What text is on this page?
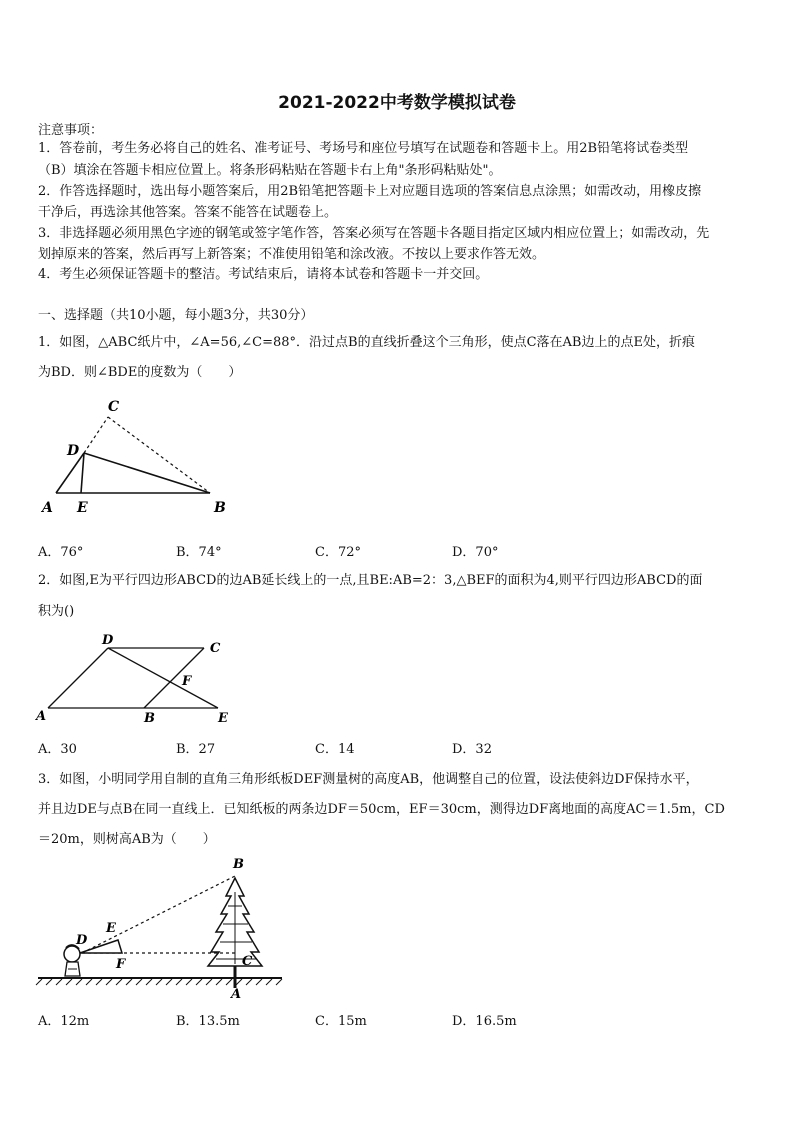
2021-2022中考数学模拟试卷
注意事项：
1．答卷前，考生务必将自己的姓名、准考证号、考场号和座位号填写在试题卷和答题卡上。用2B铅笔将试卷类型
（B）填涂在答题卡相应位置上。将条形码粘贴在答题卡右上角"条形码粘贴处"。
2．作答选择题时，选出每小题答案后，用2B铅笔把答题卡上对应题目选项的答案信息点涂黑；如需改动，用橡皮擦
干净后，再选涂其他答案。答案不能答在试题卷上。
3．非选择题必须用黑色字迹的钢笔或签字笔作答，答案必须写在答题卡各题目指定区域内相应位置上；如需改动，先
划掉原来的答案，然后再写上新答案；不准使用铅笔和涂改液。不按以上要求作答无效。
4．考生必须保证答题卡的整洁。考试结束后，请将本试卷和答题卡一并交回。
一、选择题（共10小题，每小题3分，共30分）
1．如图，△ABC纸片中，∠A=56,∠C=88°．沿过点B的直线折叠这个三角形，使点C落在AB边上的点E处，折痕
为BD．则∠BDE的度数为（　　）
C
D
A E	B
A．76°	B．74°	C．72°	D．70°
2．如图,E为平行四边形ABCD的边AB延长线上的一点,且BE:AB=2：3,△BEF的面积为4,则平行四边形ABCD的面
积为()
D
C
F
A	B	E
A．30	B．27	C．14	D．32
3．如图，小明同学用自制的直角三角形纸板DEF测量树的高度AB，他调整自己的位置，设法使斜边DF保持水平，
并且边DE与点B在同一直线上．已知纸板的两条边DF＝50cm，EF＝30cm，测得边DF离地面的高度AC＝1.5m，CD
＝20m，则树高AB为（　　）
B
E
D
F	C
A
A．12m	B．13.5m	C．15m	D．16.5m
